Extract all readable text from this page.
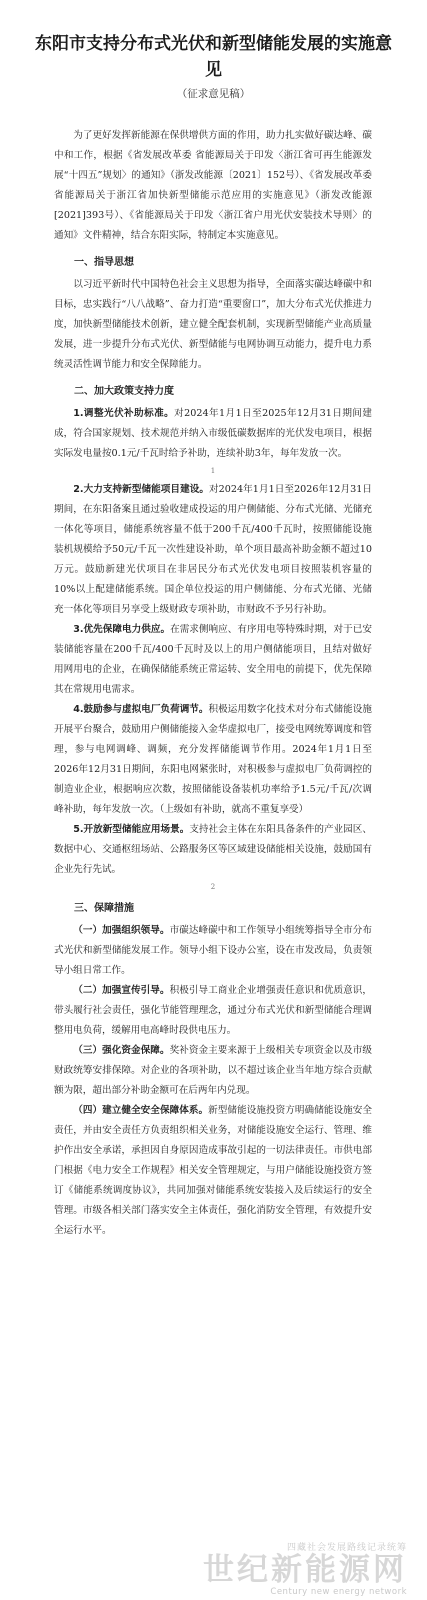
东阳市支持分布式光伏和新型储能发展的实施意见
（征求意见稿）

为了更好发挥新能源在保供增供方面的作用，助力扎实做好碳达峰、碳中和工作，根据《省发展改革委 省能源局关于印发〈浙江省可再生能源发展“十四五”规划〉的通知》（浙发改能源〔2021〕152号）、《省发展改革委 省能源局关于浙江省加快新型储能示范应用的实施意见》（浙发改能源[2021]393号）、《省能源局关于印发〈浙江省户用光伏安装技术导则〉的通知》文件精神，结合东阳实际，特制定本实施意见。

一、指导思想

以习近平新时代中国特色社会主义思想为指导，全面落实碳达峰碳中和目标，忠实践行“八八战略”、奋力打造“重要窗口”，加大分布式光伏推进力度，加快新型储能技术创新，建立健全配套机制，实现新型储能产业高质量发展，进一步提升分布式光伏、新型储能与电网协调互动能力，提升电力系统灵活性调节能力和安全保障能力。

二、加大政策支持力度

1.调整光伏补助标准。对2024年1月1日至2025年12月31日期间建成，符合国家规划、技术规范并纳入市级低碳数据库的光伏发电项目，根据实际发电量按0.1元/千瓦时给予补助，连续补助3年，每年发放一次。

1

2.大力支持新型储能项目建设。对2024年1月1日至2026年12月31日期间，在东阳备案且通过验收建成投运的用户侧储能、分布式光储、光储充一体化等项目，储能系统容量不低于200千瓦/400千瓦时，按照储能设施装机规模给予50元/千瓦一次性建设补助，单个项目最高补助金额不超过10万元。鼓励新建光伏项目在非居民分布式光伏发电项目按照装机容量的10%以上配建储能系统。国企单位投运的用户侧储能、分布式光储、光储充一体化等项目另享受上级财政专项补助，市财政不予另行补助。

3.优先保障电力供应。在需求侧响应、有序用电等特殊时期，对于已安装储能容量在200千瓦/400千瓦时及以上的用户侧储能项目，且结对做好用网用电的企业，在确保储能系统正常运转、安全用电的前提下，优先保障其在常规用电需求。

4.鼓励参与虚拟电厂负荷调节。积极运用数字化技术对分布式储能设施开展平台聚合，鼓励用户侧储能接入金华虚拟电厂，接受电网统筹调度和管理，参与电网调峰、调频，充分发挥储能调节作用。2024年1月1日至2026年12月31日期间，东阳电网紧张时，对积极参与虚拟电厂负荷调控的制造业企业，根据响应次数，按照储能设备装机功率给予1.5元/千瓦/次调峰补助，每年发放一次。（上级如有补助，就高不重复享受）

5.开放新型储能应用场景。支持社会主体在东阳具备条件的产业园区、数据中心、交通枢纽场站、公路服务区等区域建设储能相关设施，鼓励国有企业先行先试。

2
三、保障措施

（一）加强组织领导。市碳达峰碳中和工作领导小组统筹指导全市分布式光伏和新型储能发展工作。领导小组下设办公室，设在市发改局，负责领导小组日常工作。

（二）加强宣传引导。积极引导工商业企业增强责任意识和优质意识，带头履行社会责任，强化节能管理理念，通过分布式光伏和新型储能合理调整用电负荷，缓解用电高峰时段供电压力。

（三）强化资金保障。奖补资金主要来源于上级相关专项资金以及市级财政统筹安排保障。对企业的各项补助，以不超过该企业当年地方综合贡献额为限，超出部分补助金额可在后两年内兑现。

（四）建立健全安全保障体系。新型储能设施投资方明确储能设施安全责任，并由安全责任方负责组织相关业务，对储能设施安全运行、管理、维护作出安全承诺，承担因自身原因造成事故引起的一切法律责任。市供电部门根据《电力安全工作规程》相关安全管理规定，与用户储能设施投资方签订《储能系统调度协议》，共同加强对储能系统安装接入及后续运行的安全管理。市级各相关部门落实安全主体责任，强化消防安全管理，有效提升安全运行水平。

四藏社会发展路线记录统筹
世纪新能源网
Century new energy network
